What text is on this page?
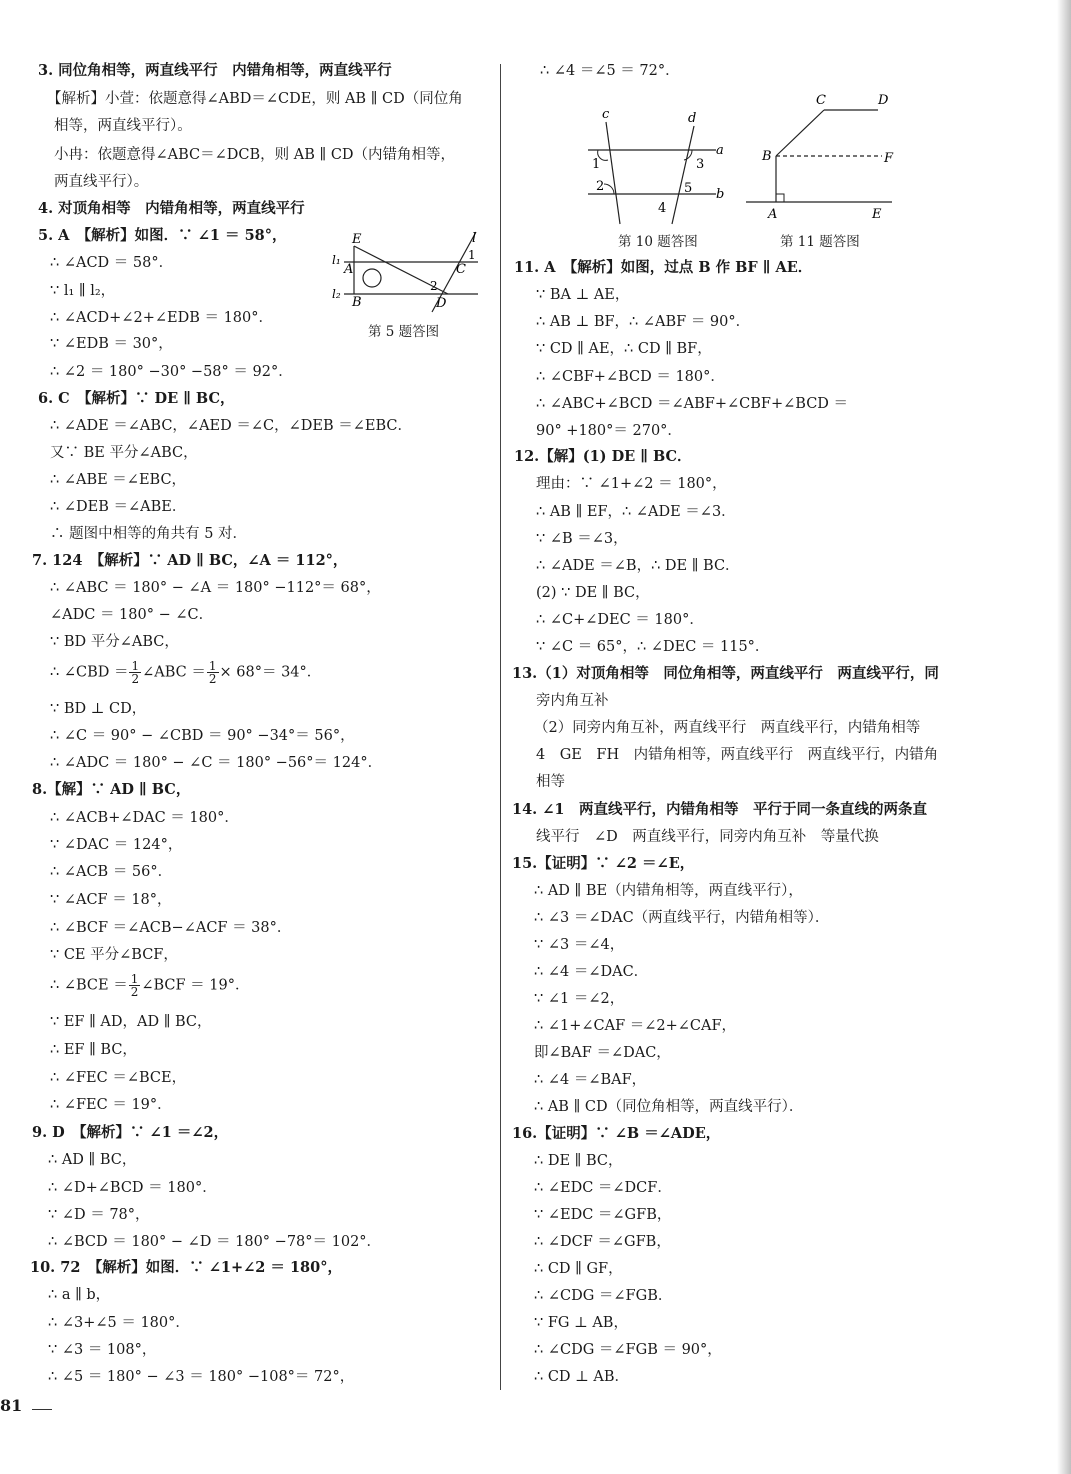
3. 同位角相等，两直线平行　内错角相等，两直线平行
【解析】小萱：依题意得∠ABD＝∠CDE，则 AB ∥ CD（同位角
相等，两直线平行）。
小冉：依题意得∠ABC＝∠DCB，则 AB ∥ CD（内错角相等，
两直线平行）。
4. 对顶角相等　内错角相等，两直线平行
5. A　【解析】如图．∵ ∠1 ＝ 58°，
∴ ∠ACD ＝ 58°．
∵ l₁ ∥ l₂，
∴ ∠ACD+∠2+∠EDB ＝ 180°．
∵ ∠EDB ＝ 30°，
∴ ∠2 ＝ 180° −30° −58° ＝ 92°．
6. C　【解析】∵ DE ∥ BC，
∴ ∠ADE ＝∠ABC，∠AED ＝∠C，∠DEB ＝∠EBC．
又∵ BE 平分∠ABC，
∴ ∠ABE ＝∠EBC，
∴ ∠DEB ＝∠ABE．
∴ 题图中相等的角共有 5 对．
7. 124　【解析】∵ AD ∥ BC，∠A ＝ 112°，
∴ ∠ABC ＝ 180° − ∠A ＝ 180° −112°＝ 68°，
∠ADC ＝ 180° − ∠C．
∵ BD 平分∠ABC，
∴ ∠CBD ＝ $\frac{1}{2}$ ∠ABC ＝ $\frac{1}{2} \times 68^\circ= 34^\circ$．
∵ BD ⊥ CD，
∴ ∠C ＝ 90° − ∠CBD ＝ 90° −34°＝ 56°，
∴ ∠ADC ＝ 180° − ∠C ＝ 180° −56°＝ 124°．
8.【解】∵ AD ∥ BC，
∴ ∠ACB+∠DAC ＝ 180°．
∵ ∠DAC ＝ 124°，
∴ ∠ACB ＝ 56°．
∵ ∠ACF ＝ 18°，
∴ ∠BCF ＝∠ACB−∠ACF ＝ 38°．
∵ CE 平分∠BCF，
∴ ∠BCE ＝ $\frac{1}{2}$ ∠BCF ＝ 19°．
∵ EF ∥ AD，AD ∥ BC，
∴ EF ∥ BC，
∴ ∠FEC ＝∠BCE，
∴ ∠FEC ＝ 19°．
9. D　【解析】∵ ∠1 ＝∠2，
∴ AD ∥ BC，
∴ ∠D+∠BCD ＝ 180°．
∵ ∠D ＝ 78°，
∴ ∠BCD ＝ 180° − ∠D ＝ 180° −78°＝ 102°．
10. 72　【解析】如图．∵ ∠1+∠2 ＝ 180°，
∴ a ∥ b，
∴ ∠3+∠5 ＝ 180°．
∵ ∠3 ＝ 108°，
∴ ∠5 ＝ 180° − ∠3 ＝ 180° −108°＝ 72°，
E
A
B
C
D
l
l₁
l₂
1
2
第 5 题答图
∴ ∠4 ＝∠5 ＝ 72°．
c	d
a
b
1
2
3
4
5
第 10 题答图
C	D
B	F
A	E
第 11 题答图
11. A　【解析】如图，过点 B 作 BF ∥ AE．
∵ BA ⊥ AE，
∴ AB ⊥ BF，∴ ∠ABF ＝ 90°．
∵ CD ∥ AE，∴ CD ∥ BF，
∴ ∠CBF+∠BCD ＝ 180°．
∴ ∠ABC+∠BCD ＝∠ABF+∠CBF+∠BCD ＝
90° +180°＝ 270°．
12.【解】(1) DE ∥ BC．
理由：∵ ∠1+∠2 ＝ 180°，
∴ AB ∥ EF，∴ ∠ADE ＝∠3．
∵ ∠B ＝∠3，
∴ ∠ADE ＝∠B，∴ DE ∥ BC．
(2) ∵ DE ∥ BC，
∴ ∠C+∠DEC ＝ 180°．
∵ ∠C ＝ 65°，∴ ∠DEC ＝ 115°．
13.（1）对顶角相等　同位角相等，两直线平行　两直线平行，同
旁内角互补
（2）同旁内角互补，两直线平行　两直线平行，内错角相等
4　GE　FH　内错角相等，两直线平行　两直线平行，内错角
相等
14. ∠1　两直线平行，内错角相等　平行于同一条直线的两条直
线平行　∠D　两直线平行，同旁内角互补　等量代换
15.【证明】∵ ∠2 ＝∠E，
∴ AD ∥ BE（内错角相等，两直线平行），
∴ ∠3 ＝∠DAC（两直线平行，内错角相等）．
∵ ∠3 ＝∠4，
∴ ∠4 ＝∠DAC．
∵ ∠1 ＝∠2，
∴ ∠1+∠CAF ＝∠2+∠CAF，
即∠BAF ＝∠DAC，
∴ ∠4 ＝∠BAF，
∴ AB ∥ CD（同位角相等，两直线平行）．
16.【证明】∵ ∠B ＝∠ADE，
∴ DE ∥ BC，
∴ ∠EDC ＝∠DCF．
∵ ∠EDC ＝∠GFB，
∴ ∠DCF ＝∠GFB，
∴ CD ∥ GF，
∴ ∠CDG ＝∠FGB．
∵ FG ⊥ AB，
∴ ∠CDG ＝∠FGB ＝ 90°，
∴ CD ⊥ AB．
81
